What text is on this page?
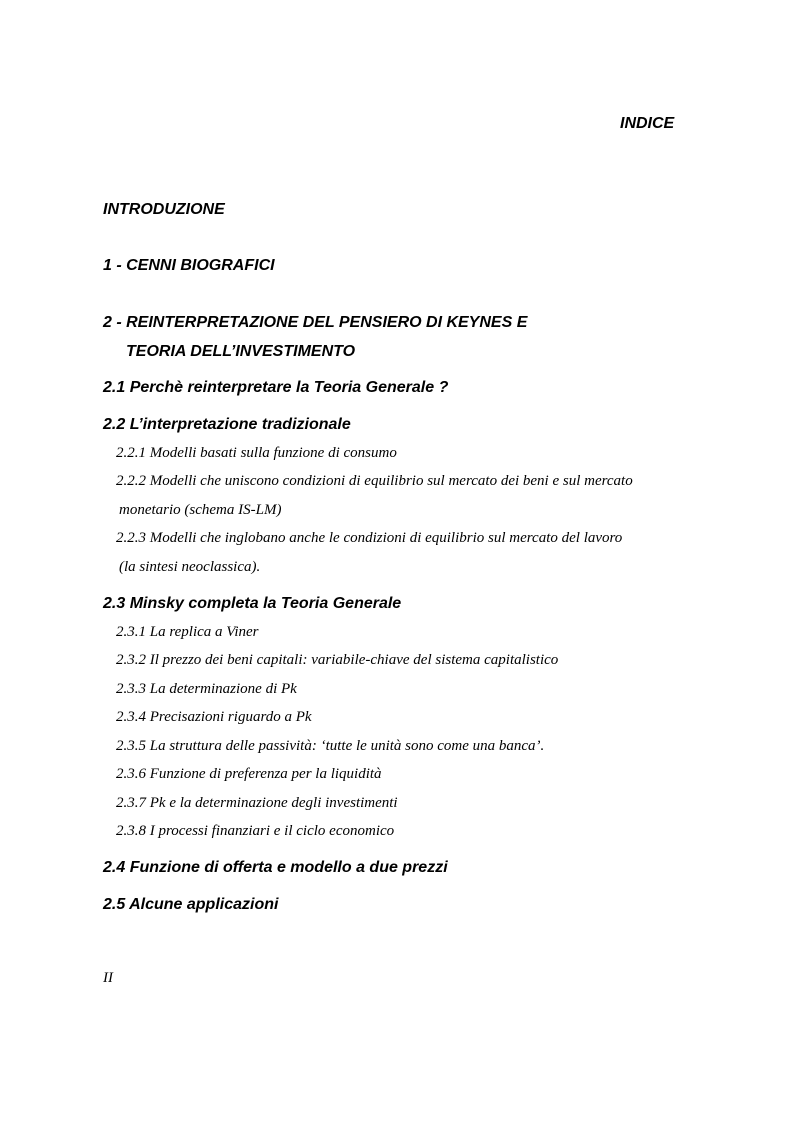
INDICE
INTRODUZIONE
1 - CENNI BIOGRAFICI
2 - REINTERPRETAZIONE DEL PENSIERO DI KEYNES E
TEORIA DELL’INVESTIMENTO
2.1 Perchè reinterpretare la Teoria Generale ?
2.2 L’interpretazione tradizionale
2.2.1 Modelli basati sulla funzione di consumo
2.2.2 Modelli che uniscono condizioni di equilibrio sul mercato dei beni e sul mercato
monetario (schema IS-LM)
2.2.3 Modelli che inglobano anche le condizioni di equilibrio sul mercato del lavoro
(la sintesi neoclassica).
2.3 Minsky completa la Teoria Generale
2.3.1 La replica a Viner
2.3.2 Il prezzo dei beni capitali: variabile-chiave del sistema capitalistico
2.3.3 La determinazione di Pk
2.3.4 Precisazioni riguardo a Pk
2.3.5 La struttura delle passività: ‘tutte le unità sono come una banca’.
2.3.6 Funzione di preferenza per la liquidità
2.3.7 Pk e la determinazione degli investimenti
2.3.8 I processi finanziari e il ciclo economico
2.4 Funzione di offerta e modello a due prezzi
2.5 Alcune applicazioni
II
